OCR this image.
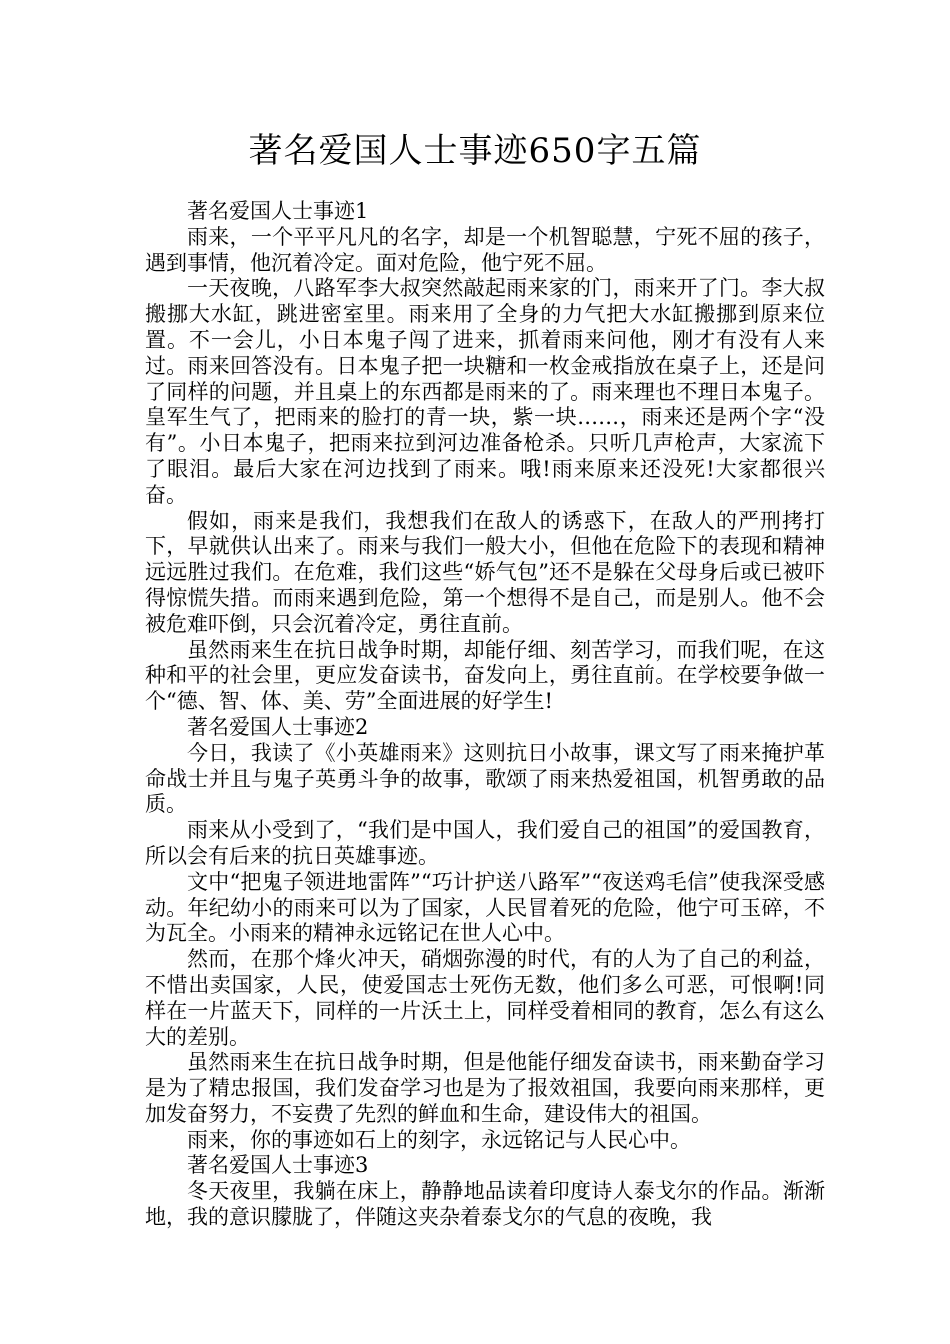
著名爱国人士事迹650字五篇

著名爱国人士事迹1

雨来，一个平平凡凡的名字，却是一个机智聪慧，宁死不屈的孩子，遇到事情，他沉着冷定。面对危险，他宁死不屈。

一天夜晚，八路军李大叔突然敲起雨来家的门，雨来开了门。李大叔搬挪大水缸，跳进密室里。雨来用了全身的力气把大水缸搬挪到原来位置。不一会儿，小日本鬼子闯了进来，抓着雨来问他，刚才有没有人来过。雨来回答没有。日本鬼子把一块糖和一枚金戒指放在桌子上，还是问了同样的问题，并且桌上的东西都是雨来的了。雨来理也不理日本鬼子。皇军生气了，把雨来的脸打的青一块，紫一块……，雨来还是两个字“没有”。小日本鬼子，把雨来拉到河边准备枪杀。只听几声枪声，大家流下了眼泪。最后大家在河边找到了雨来。哦!雨来原来还没死!大家都很兴奋。

假如，雨来是我们，我想我们在敌人的诱惑下，在敌人的严刑拷打下，早就供认出来了。雨来与我们一般大小，但他在危险下的表现和精神远远胜过我们。在危难，我们这些“娇气包”还不是躲在父母身后或已被吓得惊慌失措。而雨来遇到危险，第一个想得不是自己，而是别人。他不会被危难吓倒，只会沉着冷定，勇往直前。

虽然雨来生在抗日战争时期，却能仔细、刻苦学习，而我们呢，在这种和平的社会里，更应发奋读书，奋发向上，勇往直前。在学校要争做一个“德、智、体、美、劳”全面进展的好学生!

著名爱国人士事迹2

今日，我读了《小英雄雨来》这则抗日小故事，课文写了雨来掩护革命战士并且与鬼子英勇斗争的故事，歌颂了雨来热爱祖国，机智勇敢的品质。

雨来从小受到了，“我们是中国人，我们爱自己的祖国”的爱国教育，所以会有后来的抗日英雄事迹。

文中“把鬼子领进地雷阵”“巧计护送八路军”“夜送鸡毛信”使我深受感动。年纪幼小的雨来可以为了国家，人民冒着死的危险，他宁可玉碎，不为瓦全。小雨来的精神永远铭记在世人心中。

然而，在那个烽火冲天，硝烟弥漫的时代，有的人为了自己的利益，不惜出卖国家，人民，使爱国志士死伤无数，他们多么可恶，可恨啊!同样在一片蓝天下，同样的一片沃土上，同样受着相同的教育，怎么有这么大的差别。

虽然雨来生在抗日战争时期，但是他能仔细发奋读书，雨来勤奋学习是为了精忠报国，我们发奋学习也是为了报效祖国，我要向雨来那样，更加发奋努力，不妄费了先烈的鲜血和生命，建设伟大的祖国。

雨来，你的事迹如石上的刻字，永远铭记与人民心中。

著名爱国人士事迹3

冬天夜里，我躺在床上，静静地品读着印度诗人泰戈尔的作品。渐渐地，我的意识朦胧了，伴随这夹杂着泰戈尔的气息的夜晚，我
